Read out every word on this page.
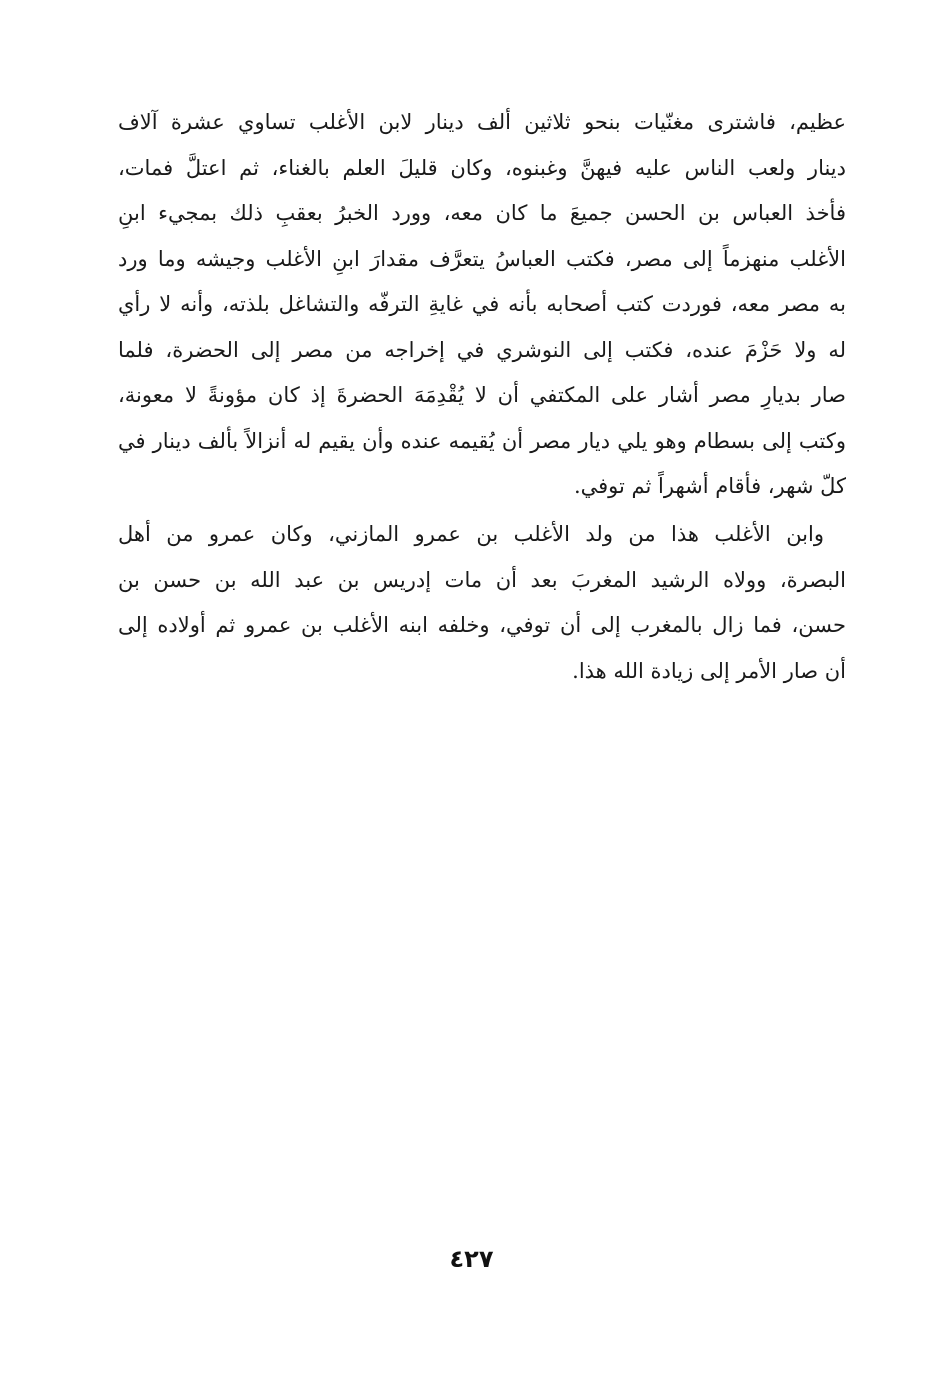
عظيم، فاشترى مغنّيات بنحو ثلاثين ألف دينار لابن الأغلب تساوي عشرة آلاف
دينار ولعب الناس عليه فيهنَّ وغبنوه، وكان قليلَ العلم بالغناء، ثم اعتلَّ فمات،
فأخذ العباس بن الحسن جميعَ ما كان معه، وورد الخبرُ بعقبِ ذلك بمجيء ابنِ
الأغلب منهزماً إلى مصر، فكتب العباسُ يتعرَّف مقدارَ ابنِ الأغلب وجيشه وما ورد
به مصر معه، فوردت كتب أصحابه بأنه في غايةِ الترفّه والتشاغل بلذته، وأنه لا رأي
له ولا حَزْمَ عنده، فكتب إلى النوشري في إخراجه من مصر إلى الحضرة، فلما
صار بديارِ مصر أشار على المكتفي أن لا يُقْدِمَهَ الحضرةَ إذ كان مؤونةً لا معونة،
وكتب إلى بسطام وهو يلي ديار مصر أن يُقيمه عنده وأن يقيم له أنزالاً بألف دينار في
كلّ شهر، فأقام أشهراً ثم توفي.
وابن الأغلب هذا من ولد الأغلب بن عمرو المازني، وكان عمرو من أهل
البصرة، وولاه الرشيد المغربَ بعد أن مات إدريس بن عبد الله بن حسن بن
حسن، فما زال بالمغرب إلى أن توفي، وخلفه ابنه الأغلب بن عمرو ثم أولاده إلى
أن صار الأمر إلى زيادة الله هذا.
٤٢٧
